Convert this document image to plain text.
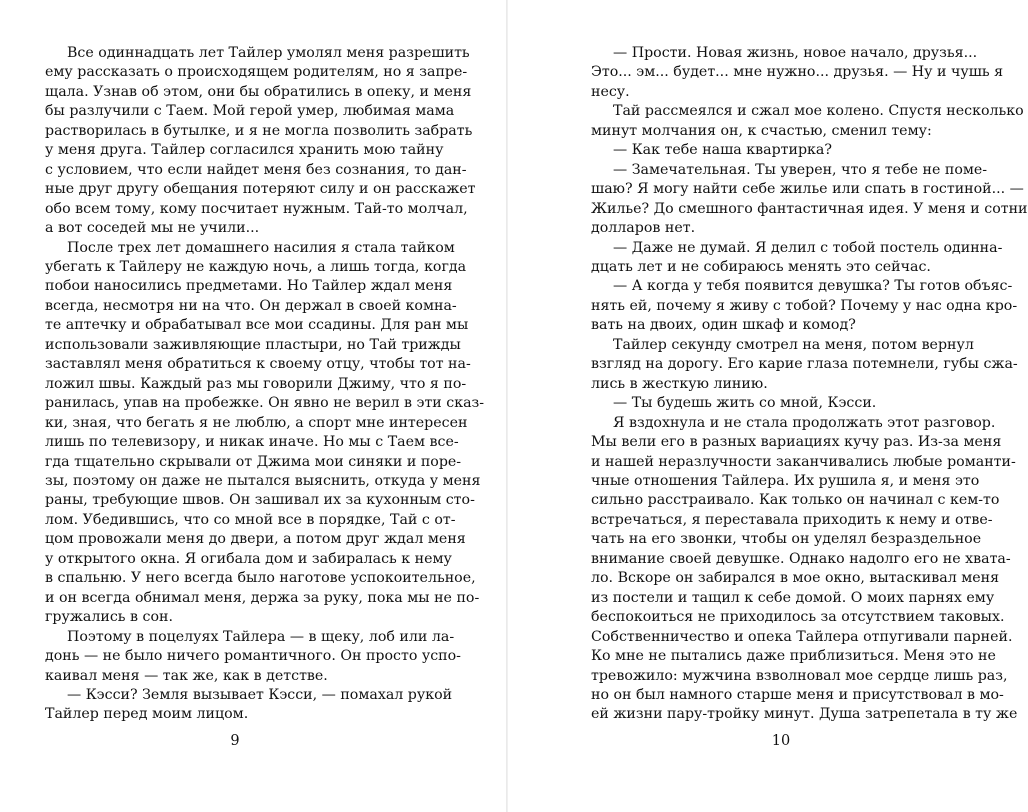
Все одиннадцать лет Тайлер умолял меня разрешить
ему рассказать о происходящем родителям, но я запре-
щала. Узнав об этом, они бы обратились в опеку, и меня
бы разлучили с Таем. Мой герой умер, любимая мама
растворилась в бутылке, и я не могла позволить забрать
у меня друга. Тайлер согласился хранить мою тайну
с условием, что если найдет меня без сознания, то дан-
ные друг другу обещания потеряют силу и он расскажет
обо всем тому, кому посчитает нужным. Тай-то молчал,
а вот соседей мы не учили...
После трех лет домашнего насилия я стала тайком
убегать к Тайлеру не каждую ночь, а лишь тогда, когда
побои наносились предметами. Но Тайлер ждал меня
всегда, несмотря ни на что. Он держал в своей комна-
те аптечку и обрабатывал все мои ссадины. Для ран мы
использовали заживляющие пластыри, но Тай трижды
заставлял меня обратиться к своему отцу, чтобы тот на-
ложил швы. Каждый раз мы говорили Джиму, что я по-
ранилась, упав на пробежке. Он явно не верил в эти сказ-
ки, зная, что бегать я не люблю, а спорт мне интересен
лишь по телевизору, и никак иначе. Но мы с Таем все-
гда тщательно скрывали от Джима мои синяки и поре-
зы, поэтому он даже не пытался выяснить, откуда у меня
раны, требующие швов. Он зашивал их за кухонным сто-
лом. Убедившись, что со мной все в порядке, Тай с от-
цом провожали меня до двери, а потом друг ждал меня
у открытого окна. Я огибала дом и забиралась к нему
в спальню. У него всегда было наготове успокоительное,
и он всегда обнимал меня, держа за руку, пока мы не по-
гружались в сон.
Поэтому в поцелуях Тайлера — в щеку, лоб или ла-
донь — не было ничего романтичного. Он просто успо-
каивал меня — так же, как в детстве.
— Кэсси? Земля вызывает Кэсси, — помахал рукой
Тайлер перед моим лицом.
9
— Прости. Новая жизнь, новое начало, друзья...
Это... эм... будет... мне нужно... друзья. — Ну и чушь я
несу.
Тай рассмеялся и сжал мое колено. Спустя несколько
минут молчания он, к счастью, сменил тему:
— Как тебе наша квартирка?
— Замечательная. Ты уверен, что я тебе не поме-
шаю? Я могу найти себе жилье или спать в гостиной... —
Жилье? До смешного фантастичная идея. У меня и сотни
долларов нет.
— Даже не думай. Я делил с тобой постель одинна-
дцать лет и не собираюсь менять это сейчас.
— А когда у тебя появится девушка? Ты готов объяс-
нять ей, почему я живу с тобой? Почему у нас одна кро-
вать на двоих, один шкаф и комод?
Тайлер секунду смотрел на меня, потом вернул
взгляд на дорогу. Его карие глаза потемнели, губы сжа-
лись в жесткую линию.
— Ты будешь жить со мной, Кэсси.
Я вздохнула и не стала продолжать этот разговор.
Мы вели его в разных вариациях кучу раз. Из-за меня
и нашей неразлучности заканчивались любые романти-
чные отношения Тайлера. Их рушила я, и меня это
сильно расстраивало. Как только он начинал с кем-то
встречаться, я переставала приходить к нему и отве-
чать на его звонки, чтобы он уделял безраздельное
внимание своей девушке. Однако надолго его не хвата-
ло. Вскоре он забирался в мое окно, вытаскивал меня
из постели и тащил к себе домой. О моих парнях ему
беспокоиться не приходилось за отсутствием таковых.
Собственничество и опека Тайлера отпугивали парней.
Ко мне не пытались даже приблизиться. Меня это не
тревожило: мужчина взволновал мое сердце лишь раз,
но он был намного старше меня и присутствовал в мо-
ей жизни пару-тройку минут. Душа затрепетала в ту же
10
